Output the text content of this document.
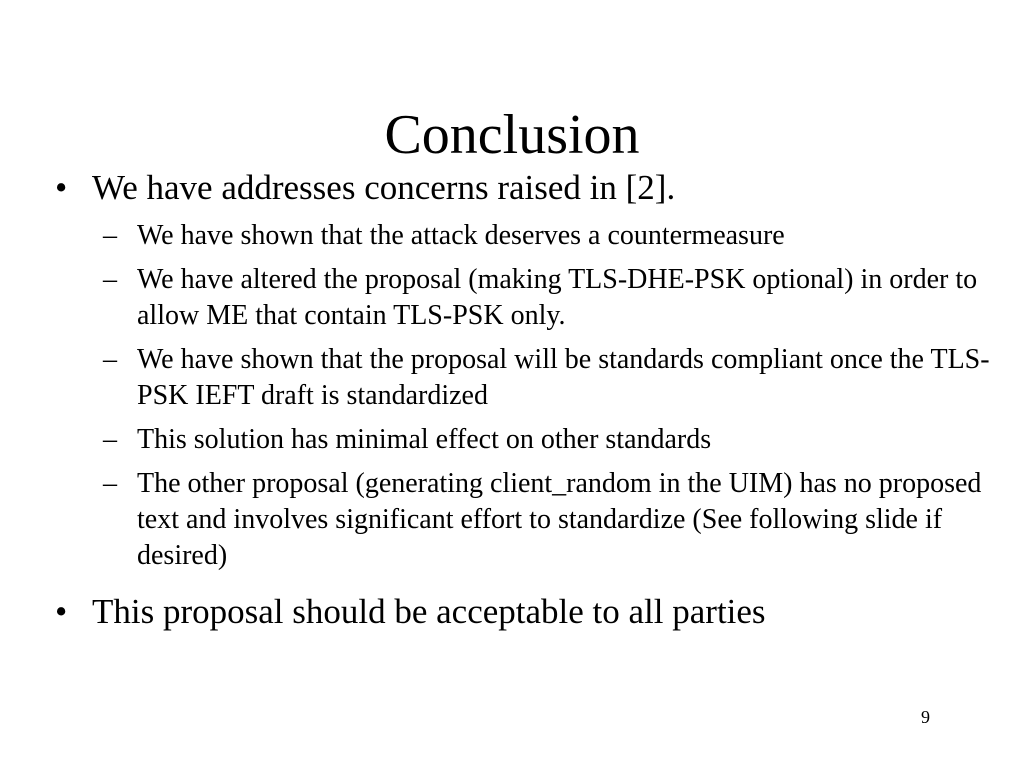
Conclusion
• We have addresses concerns raised in [2].
– We have shown that the attack deserves a countermeasure
– We have altered the proposal (making TLS-DHE-PSK optional) in order to allow ME that contain TLS-PSK only.
– We have shown that the proposal will be standards compliant once the TLS-PSK IEFT draft is standardized
– This solution has minimal effect on other standards
– The other proposal (generating client_random in the UIM) has no proposed text and involves significant effort to standardize (See following slide if desired)
• This proposal should be acceptable to all parties
9
